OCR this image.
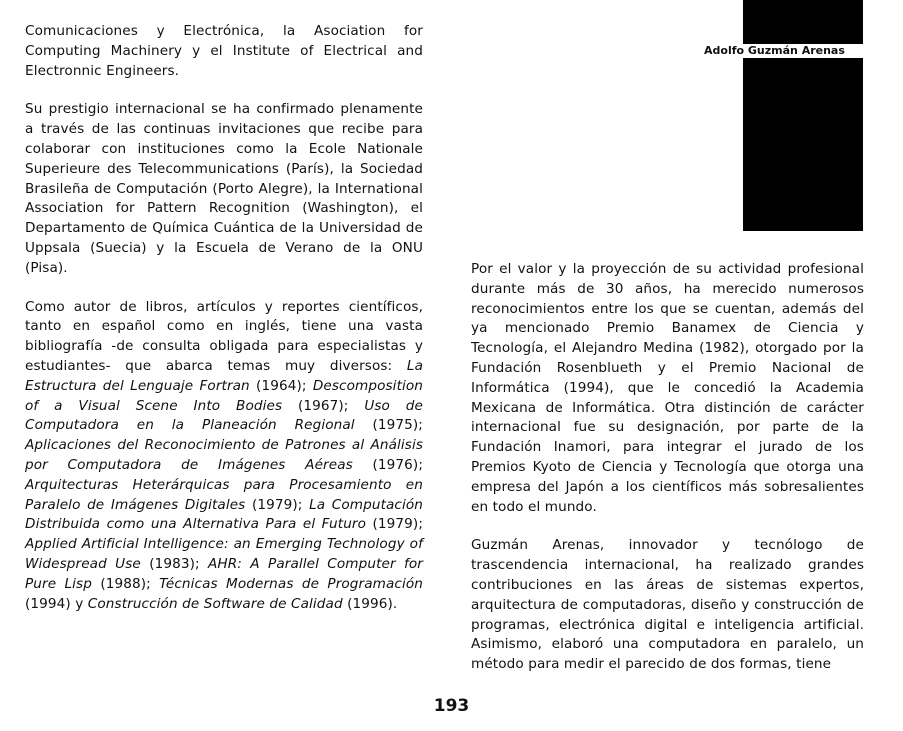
Adolfo Guzmán Arenas

Comunicaciones y Electrónica, la Asociation for Computing Machinery y el Institute of Electrical and Electronnic Engineers.

Su prestigio internacional se ha confirmado plenamente a través de las continuas invitaciones que recibe para colaborar con instituciones como la Ecole Nationale Superieure des Telecommunications (París), la Sociedad Brasileña de Computación (Porto Alegre), la International Association for Pattern Recognition (Washington), el Departamento de Química Cuántica de la Universidad de Uppsala (Suecia) y la Escuela de Verano de la ONU (Pisa).

Como autor de libros, artículos y reportes científicos, tanto en español como en inglés, tiene una vasta bibliografía -de consulta obligada para especialistas y estudiantes- que abarca temas muy diversos: La Estructura del Lenguaje Fortran (1964); Descomposition of a Visual Scene Into Bodies (1967); Uso de Computadora en la Planeación Regional (1975); Aplicaciones del Reconocimiento de Patrones al Análisis por Computadora de Imágenes Aéreas (1976); Arquitecturas Heterárquicas para Procesamiento en Paralelo de Imágenes Digitales (1979); La Computación Distribuida como una Alternativa Para el Futuro (1979); Applied Artificial Intelligence: an Emerging Technology of Widespread Use (1983); AHR: A Parallel Computer for Pure Lisp (1988); Técnicas Modernas de Programación (1994) y Construcción de Software de Calidad (1996).

Por el valor y la proyección de su actividad profesional durante más de 30 años, ha merecido numerosos reconocimientos entre los que se cuentan, además del ya mencionado Premio Banamex de Ciencia y Tecnología, el Alejandro Medina (1982), otorgado por la Fundación Rosenblueth y el Premio Nacional de Informática (1994), que le concedió la Academia Mexicana de Informática. Otra distinción de carácter internacional fue su designación, por parte de la Fundación Inamori, para integrar el jurado de los Premios Kyoto de Ciencia y Tecnología que otorga una empresa del Japón a los científicos más sobresalientes en todo el mundo.

Guzmán Arenas, innovador y tecnólogo de trascendencia internacional, ha realizado grandes contribuciones en las áreas de sistemas expertos, arquitectura de computadoras, diseño y construcción de programas, electrónica digital e inteligencia artificial. Asimismo, elaboró una computadora en paralelo, un método para medir el parecido de dos formas, tiene

193
